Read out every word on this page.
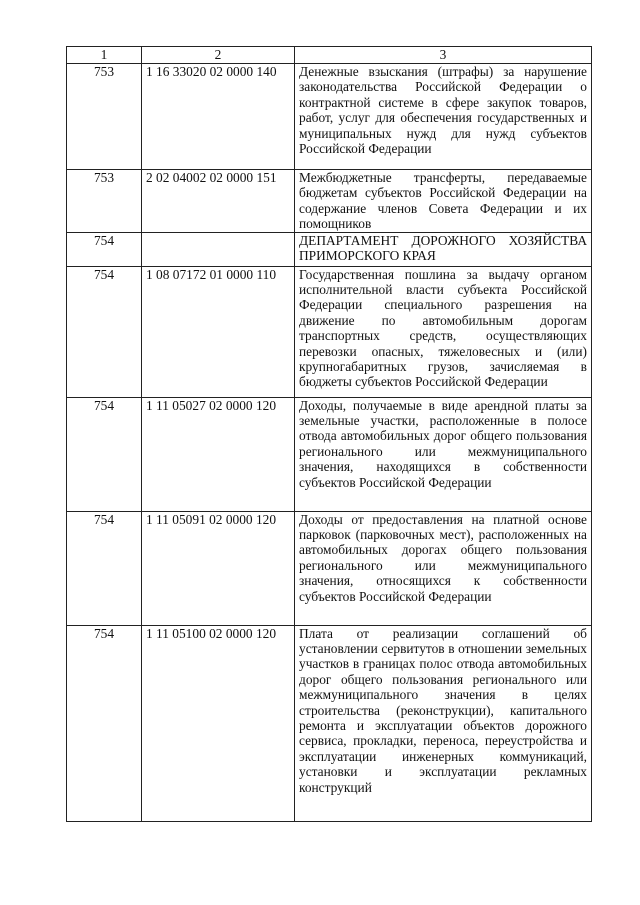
1	2	3
753	1 16 33020 02 0000 140	Денежные взыскания (штрафы) за нарушение законодательства Российской Федерации о контрактной системе в сфере закупок товаров, работ, услуг для обеспечения государственных и муниципальных нужд для нужд субъектов Российской Федерации
753	2 02 04002 02 0000 151	Межбюджетные трансферты, передаваемые бюджетам субъектов Российской Федерации на содержание членов Совета Федерации и их помощников
754		ДЕПАРТАМЕНТ ДОРОЖНОГО ХОЗЯЙСТВА ПРИМОРСКОГО КРАЯ
754	1 08 07172 01 0000 110	Государственная пошлина за выдачу органом исполнительной власти субъекта Российской Федерации специального разрешения на движение по автомобильным дорогам транспортных средств, осуществляющих перевозки опасных, тяжеловесных и (или) крупногабаритных грузов, зачисляемая в бюджеты субъектов Российской Федерации
754	1 11 05027 02 0000 120	Доходы, получаемые в виде арендной платы за земельные участки, расположенные в полосе отвода автомобильных дорог общего пользования регионального или межмуниципального значения, находящихся в собственности субъектов Российской Федерации
754	1 11 05091 02 0000 120	Доходы от предоставления на платной основе парковок (парковочных мест), расположенных на автомобильных дорогах общего пользования регионального или межмуниципального значения, относящихся к собственности субъектов Российской Федерации
754	1 11 05100 02 0000 120	Плата от реализации соглашений об установлении сервитутов в отношении земельных участков в границах полос отвода автомобильных дорог общего пользования регионального или межмуниципального значения в целях строительства (реконструкции), капитального ремонта и эксплуатации объектов дорожного сервиса, прокладки, переноса, переустройства и эксплуатации инженерных коммуникаций, установки и эксплуатации рекламных конструкций
